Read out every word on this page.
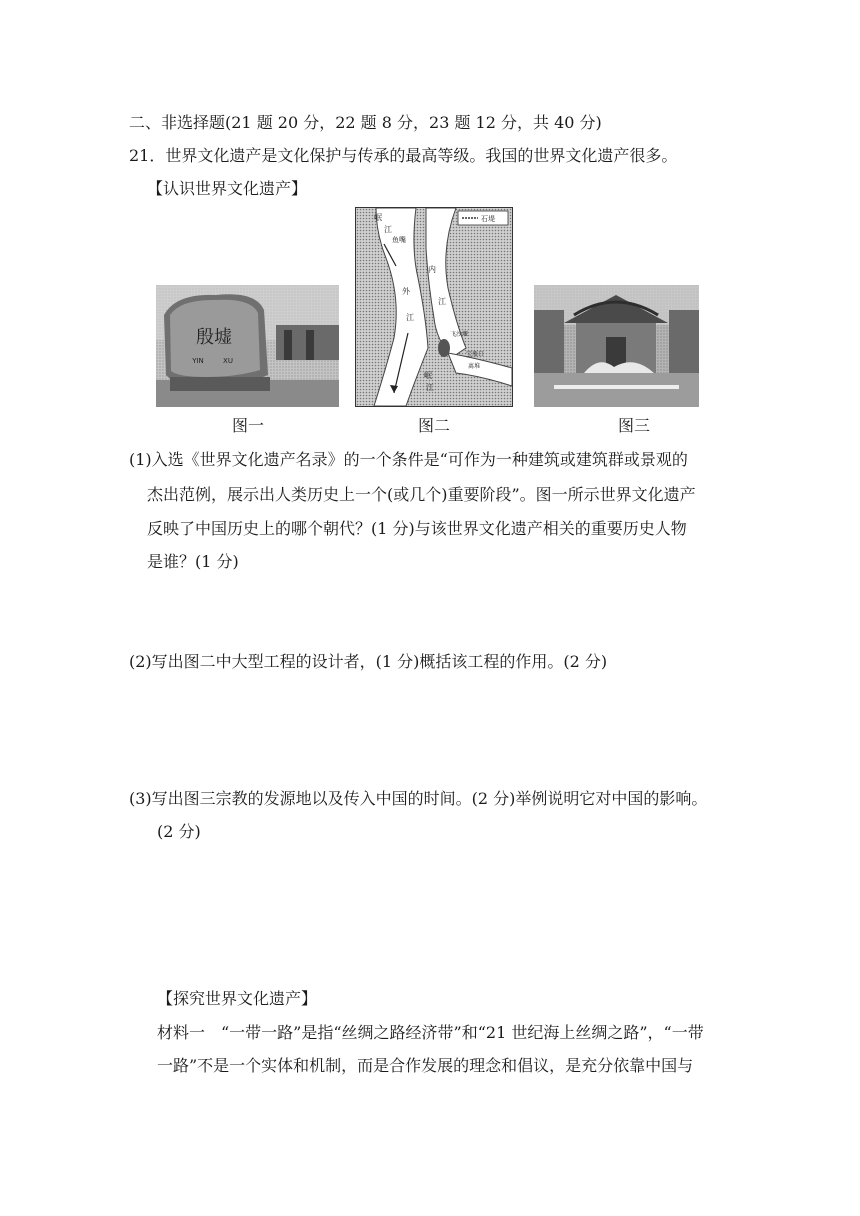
二、非选择题(21 题 20 分，22 题 8 分，23 题 12 分，共 40 分)
21．世界文化遗产是文化保护与传承的最高等级。我国的世界文化遗产很多。
【认识世界文化遗产】
殷墟
YIN	XU
石堤
岷
江
鱼嘴
内
江
外
江
飞沙堰
宝瓶口
离堆
岷
江
图一	图二	图三
(1)入选《世界文化遗产名录》的一个条件是“可作为一种建筑或建筑群或景观的
杰出范例，展示出人类历史上一个(或几个)重要阶段”。图一所示世界文化遗产
反映了中国历史上的哪个朝代？(1 分)与该世界文化遗产相关的重要历史人物
是谁？(1 分)
(2)写出图二中大型工程的设计者，(1 分)概括该工程的作用。(2 分)
(3)写出图三宗教的发源地以及传入中国的时间。(2 分)举例说明它对中国的影响。
(2 分)
【探究世界文化遗产】
材料一　“一带一路”是指“丝绸之路经济带”和“21 世纪海上丝绸之路”，“一带
一路”不是一个实体和机制，而是合作发展的理念和倡议，是充分依靠中国与
